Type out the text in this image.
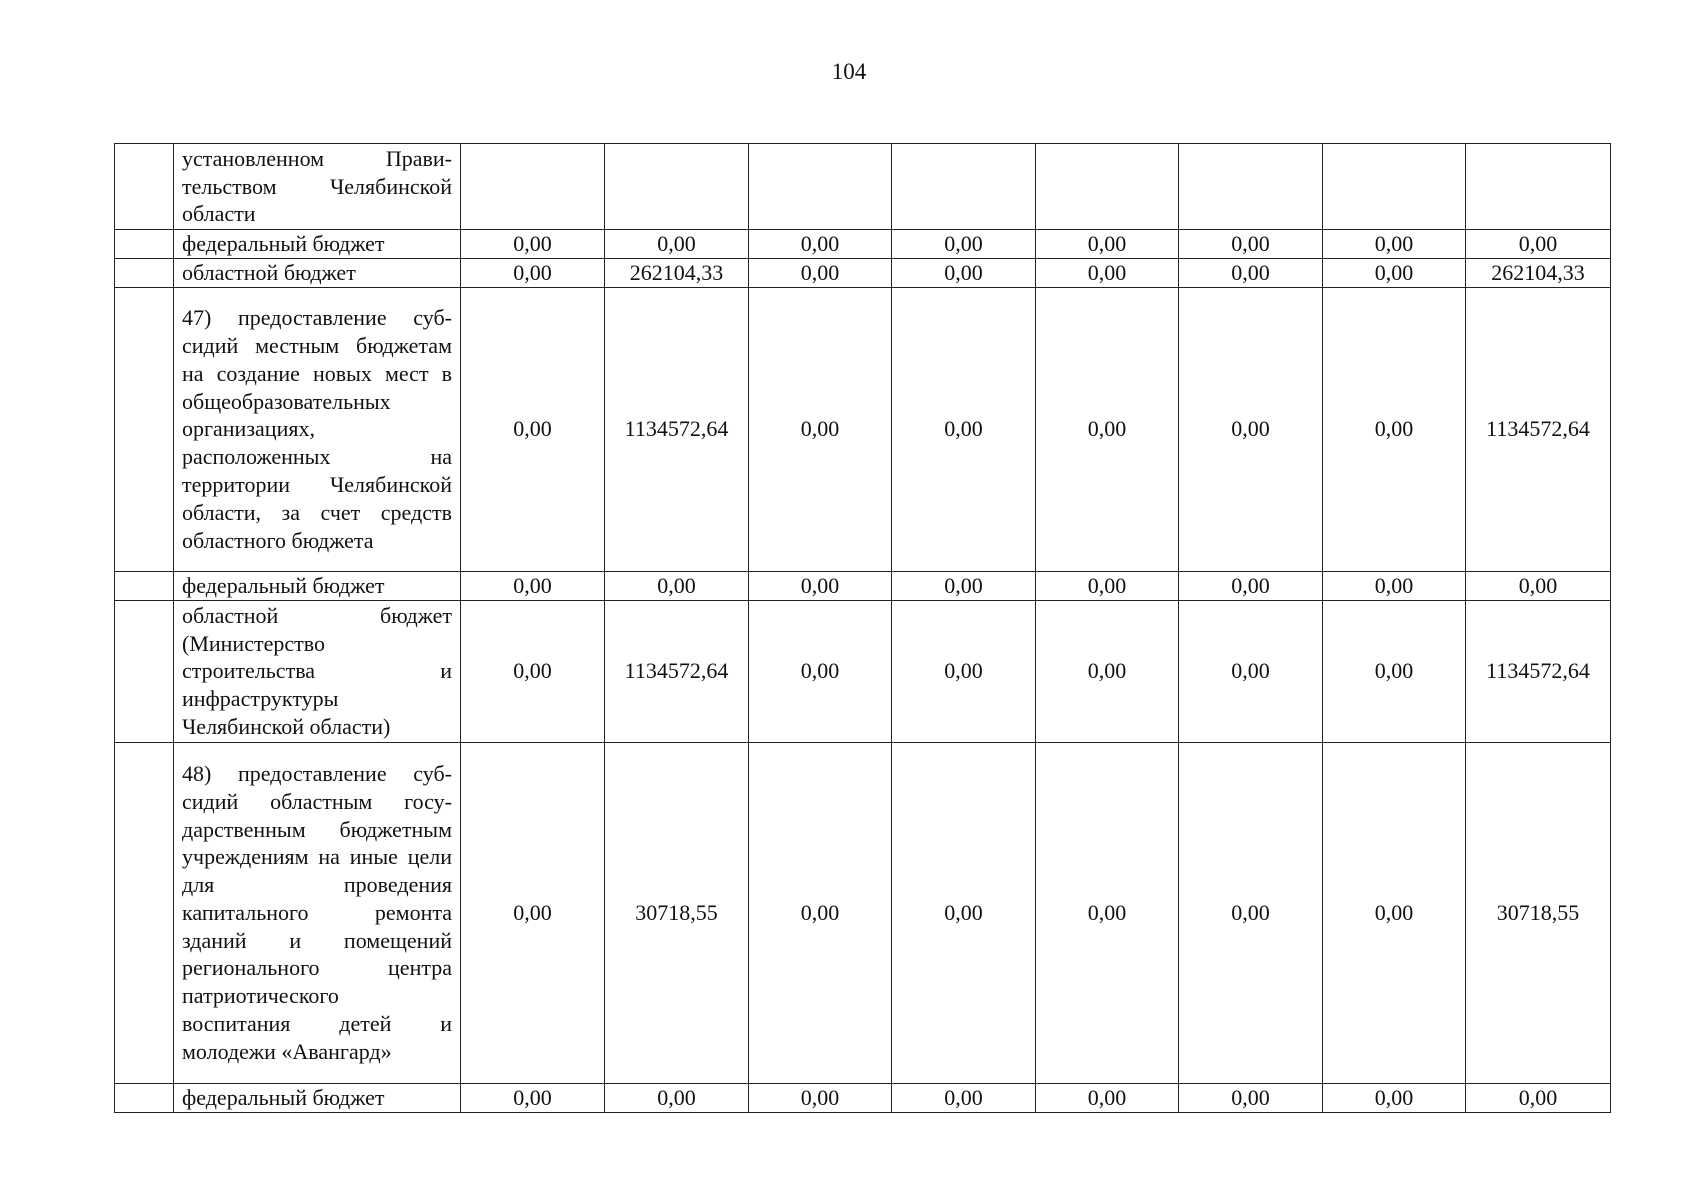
104
	установленном Прави-тельством Челябинской области								
	федеральный бюджет	0,00	0,00	0,00	0,00	0,00	0,00	0,00	0,00
	областной бюджет	0,00	262104,33	0,00	0,00	0,00	0,00	0,00	262104,33
	47) предоставление суб-сидий местным бюджетам на создание новых мест в общеобразовательных организациях, расположенных на территории Челябинской области, за счет средств областного бюджета	0,00	1134572,64	0,00	0,00	0,00	0,00	0,00	1134572,64
	федеральный бюджет	0,00	0,00	0,00	0,00	0,00	0,00	0,00	0,00
	областной бюджет (Министерство строительства и инфраструктуры Челябинской области)	0,00	1134572,64	0,00	0,00	0,00	0,00	0,00	1134572,64
	48) предоставление суб-сидий областным госу-дарственным бюджетным учреждениям на иные цели для проведения капитального ремонта зданий и помещений регионального центра патриотического воспитания детей и молодежи «Авангард»	0,00	30718,55	0,00	0,00	0,00	0,00	0,00	30718,55
	федеральный бюджет	0,00	0,00	0,00	0,00	0,00	0,00	0,00	0,00
